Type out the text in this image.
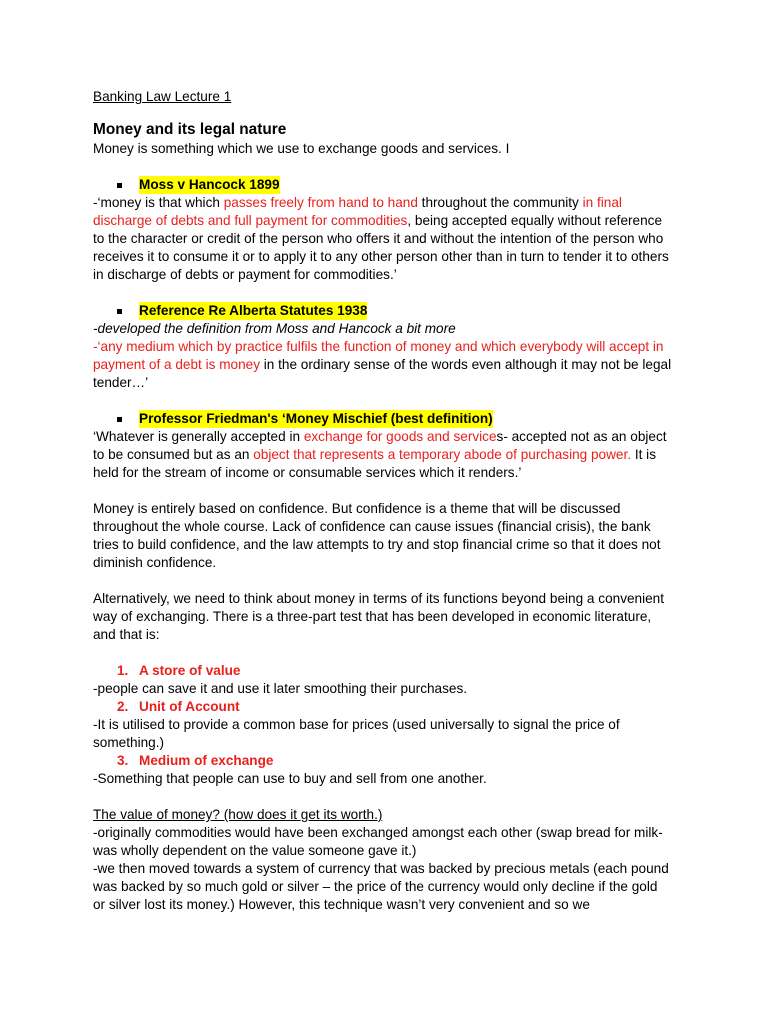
Banking Law Lecture 1

Money and its legal nature

Money is something which we use to exchange goods and services. I

Moss v Hancock 1899

-‘money is that which passes freely from hand to hand throughout the community in final discharge of debts and full payment for commodities, being accepted equally without reference to the character or credit of the person who offers it and without the intention of the person who receives it to consume it or to apply it to any other person other than in turn to tender it to others in discharge of debts or payment for commodities.’

Reference Re Alberta Statutes 1938

-developed the definition from Moss and Hancock a bit more

-‘any medium which by practice fulfils the function of money and which everybody will accept in payment of a debt is money in the ordinary sense of the words even although it may not be legal tender…’

Professor Friedman's ‘Money Mischief (best definition)

‘Whatever is generally accepted in exchange for goods and services- accepted not as an object to be consumed but as an object that represents a temporary abode of purchasing power. It is held for the stream of income or consumable services which it renders.’

Money is entirely based on confidence. But confidence is a theme that will be discussed throughout the whole course. Lack of confidence can cause issues (financial crisis), the bank tries to build confidence, and the law attempts to try and stop financial crime so that it does not diminish confidence.

Alternatively, we need to think about money in terms of its functions beyond being a convenient way of exchanging. There is a three-part test that has been developed in economic literature, and that is:

1. A store of value

-people can save it and use it later smoothing their purchases.

2. Unit of Account

-It is utilised to provide a common base for prices (used universally to signal the price of something.)

3. Medium of exchange

-Something that people can use to buy and sell from one another.

The value of money? (how does it get its worth.)

-originally commodities would have been exchanged amongst each other (swap bread for milk- was wholly dependent on the value someone gave it.)

-we then moved towards a system of currency that was backed by precious metals (each pound was backed by so much gold or silver – the price of the currency would only decline if the gold or silver lost its money.) However, this technique wasn’t very convenient and so we
